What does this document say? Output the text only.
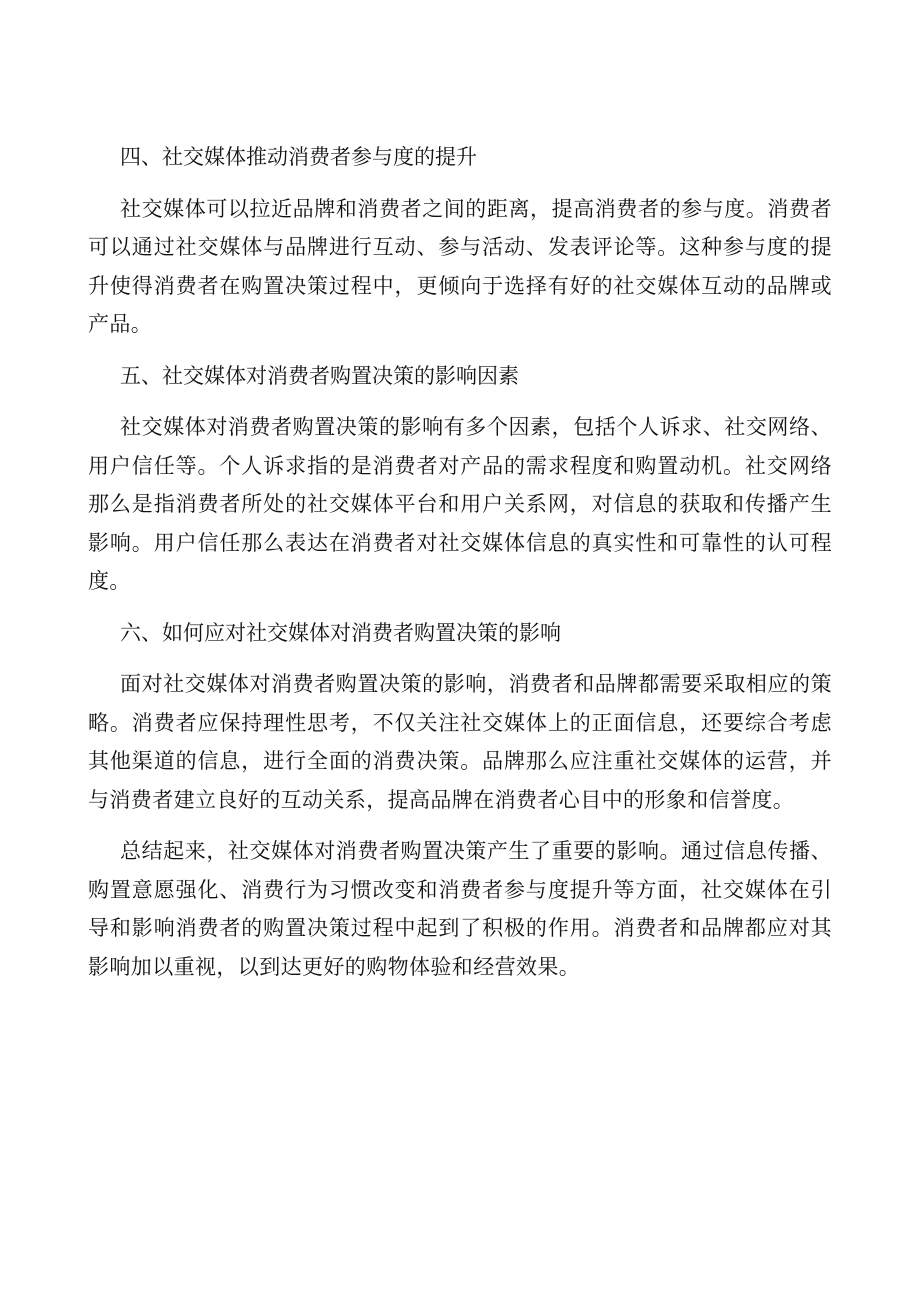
四、社交媒体推动消费者参与度的提升

社交媒体可以拉近品牌和消费者之间的距离，提高消费者的参与度。消费者可以通过社交媒体与品牌进行互动、参与活动、发表评论等。这种参与度的提升使得消费者在购置决策过程中，更倾向于选择有好的社交媒体互动的品牌或产品。

五、社交媒体对消费者购置决策的影响因素

社交媒体对消费者购置决策的影响有多个因素，包括个人诉求、社交网络、用户信任等。个人诉求指的是消费者对产品的需求程度和购置动机。社交网络那么是指消费者所处的社交媒体平台和用户关系网，对信息的获取和传播产生影响。用户信任那么表达在消费者对社交媒体信息的真实性和可靠性的认可程度。

六、如何应对社交媒体对消费者购置决策的影响

面对社交媒体对消费者购置决策的影响，消费者和品牌都需要采取相应的策略。消费者应保持理性思考，不仅关注社交媒体上的正面信息，还要综合考虑其他渠道的信息，进行全面的消费决策。品牌那么应注重社交媒体的运营，并与消费者建立良好的互动关系，提高品牌在消费者心目中的形象和信誉度。

总结起来，社交媒体对消费者购置决策产生了重要的影响。通过信息传播、购置意愿强化、消费行为习惯改变和消费者参与度提升等方面，社交媒体在引导和影响消费者的购置决策过程中起到了积极的作用。消费者和品牌都应对其影响加以重视，以到达更好的购物体验和经营效果。
